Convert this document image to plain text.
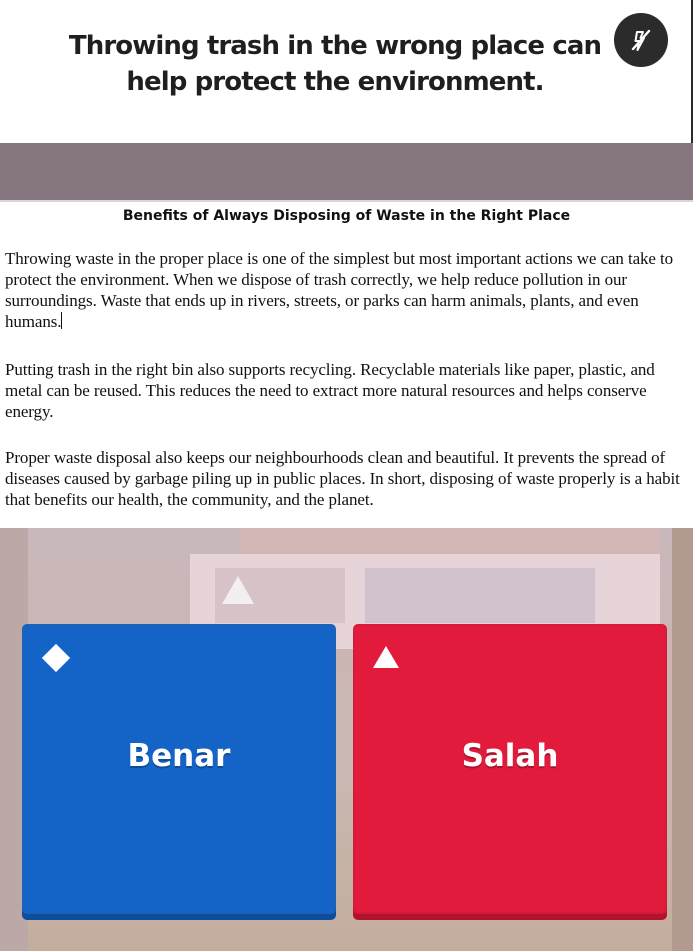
Throwing trash in the wrong place can help protect the environment.
Benefits of Always Disposing of Waste in the Right Place

Throwing waste in the proper place is one of the simplest but most important actions we can take to protect the environment. When we dispose of trash correctly, we help reduce pollution in our surroundings. Waste that ends up in rivers, streets, or parks can harm animals, plants, and even humans.

Putting trash in the right bin also supports recycling. Recyclable materials like paper, plastic, and metal can be reused. This reduces the need to extract more natural resources and helps conserve energy.

Proper waste disposal also keeps our neighbourhoods clean and beautiful. It prevents the spread of diseases caused by garbage piling up in public places. In short, disposing of waste properly is a habit that benefits our health, the community, and the planet.

Benar	Salah
